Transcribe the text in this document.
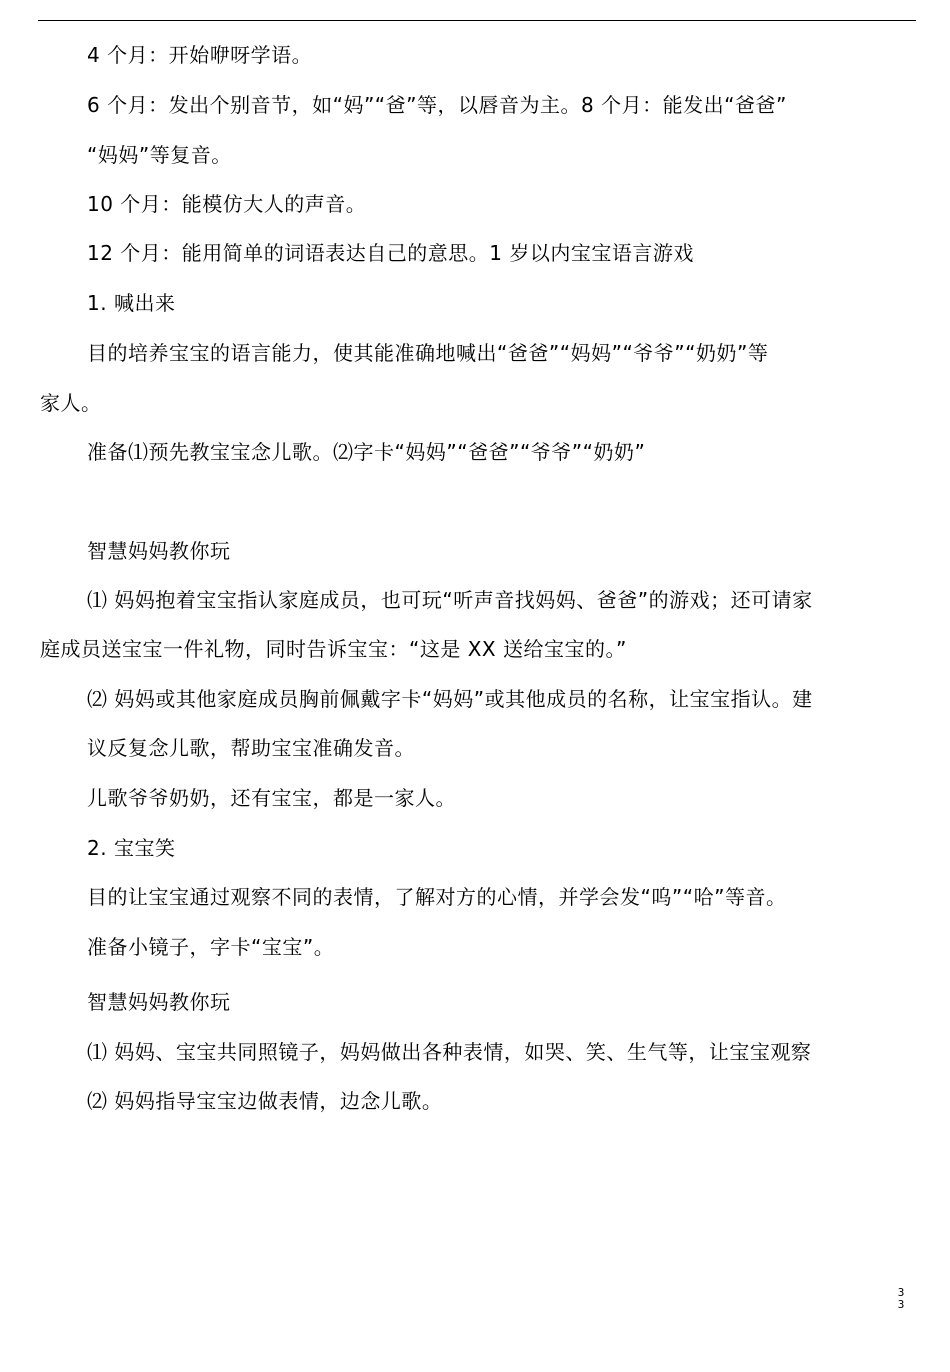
4 个月：开始咿呀学语。
6 个月：发出个别音节，如“妈”“爸”等，以唇音为主。8 个月：能发出“爸爸”
“妈妈”等复音。
10 个月：能模仿大人的声音。
12 个月：能用简单的词语表达自己的意思。1 岁以内宝宝语言游戏
1. 喊出来
目的培养宝宝的语言能力，使其能准确地喊出“爸爸”“妈妈”“爷爷”“奶奶”等
家人。
准备⑴预先教宝宝念儿歌。⑵字卡“妈妈”“爸爸”“爷爷”“奶奶”
智慧妈妈教你玩
⑴ 妈妈抱着宝宝指认家庭成员，也可玩“听声音找妈妈、爸爸”的游戏；还可请家
庭成员送宝宝一件礼物，同时告诉宝宝：“这是 XX 送给宝宝的。”
⑵ 妈妈或其他家庭成员胸前佩戴字卡“妈妈”或其他成员的名称，让宝宝指认。建
议反复念儿歌，帮助宝宝准确发音。
儿歌爷爷奶奶，还有宝宝，都是一家人。
2. 宝宝笑
目的让宝宝通过观察不同的表情，了解对方的心情，并学会发“呜”“哈”等音。
准备小镜子，字卡“宝宝”。
智慧妈妈教你玩
⑴ 妈妈、宝宝共同照镜子，妈妈做出各种表情，如哭、笑、生气等，让宝宝观察
⑵ 妈妈指导宝宝边做表情，边念儿歌。
33
